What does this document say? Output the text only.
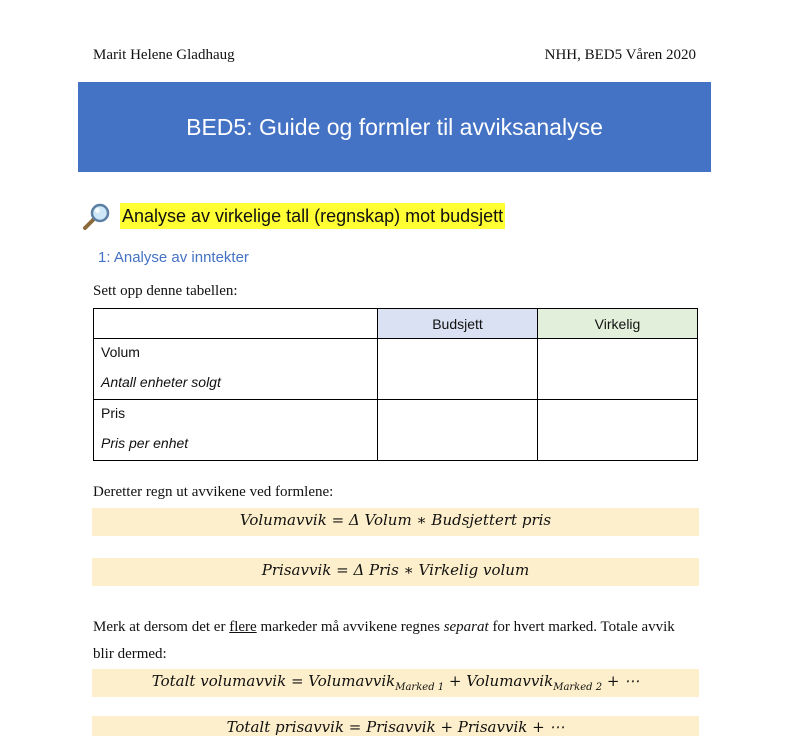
Marit Helene Gladhaug	NHH, BED5 Våren 2020
BED5: Guide og formler til avviksanalyse
Analyse av virkelige tall (regnskap) mot budsjett
1: Analyse av inntekter
Sett opp denne tabellen:
	Budsjett	Virkelig

Volum
Antall enheter solgt		

Pris
Pris per enhet		

Deretter regn ut avvikene ved formlene:
Volumavvik = Δ Volum ∗ Budsjettert pris
Prisavvik = Δ Pris ∗ Virkelig volum
Merk at dersom det er flere markeder må avvikene regnes separat for hvert marked. Totale avvik blir dermed:
Totalt volumavvik = Volumavvik$_{Marked 1}$ + Volumavvik$_{Marked 2}$ + ⋯
Totalt prisavvik = Prisavvik + Prisavvik + ⋯
